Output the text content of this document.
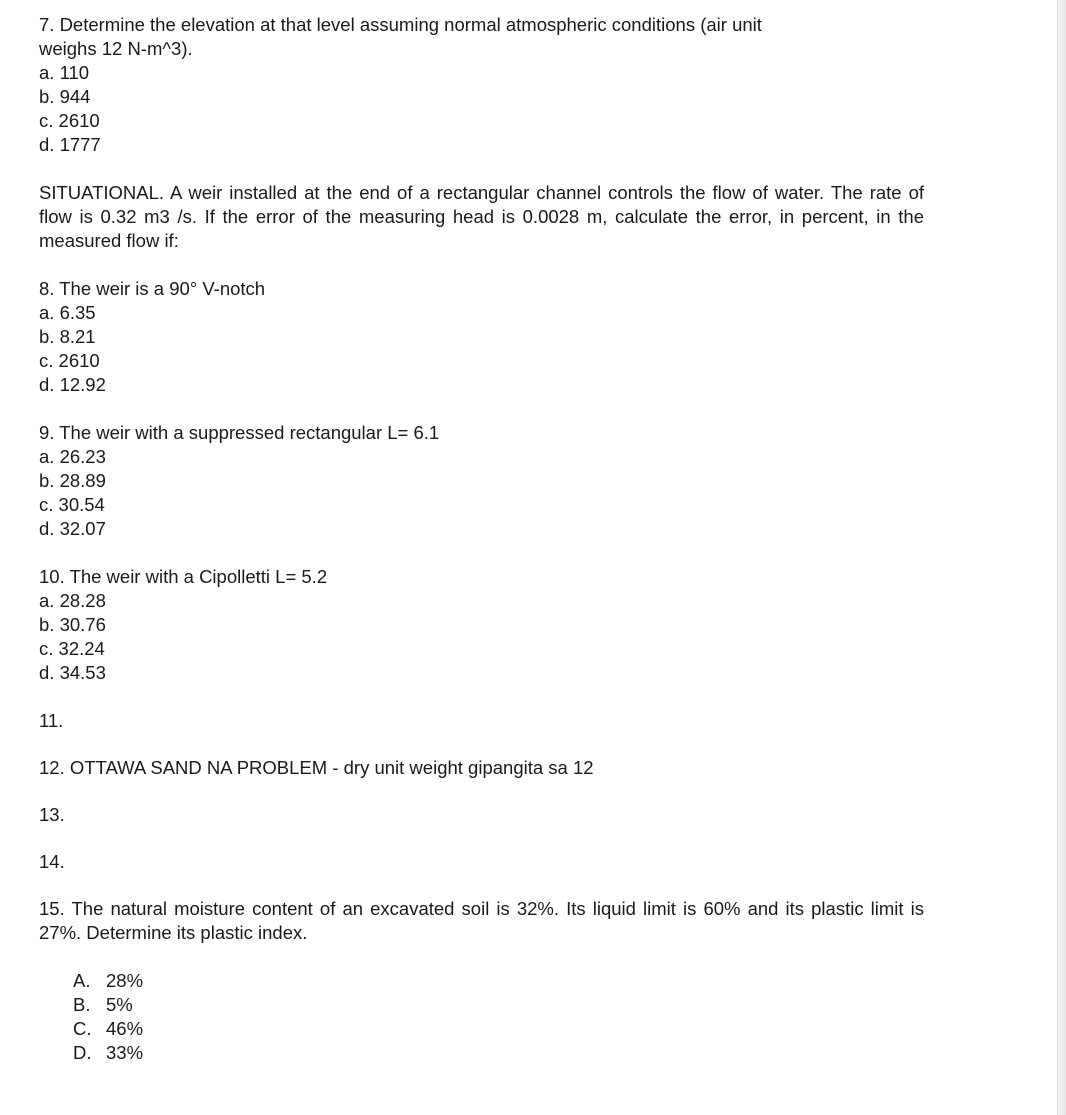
7. Determine the elevation at that level assuming normal atmospheric conditions (air unit
weighs 12 N-m^3).
a. 110
b. 944
c. 2610
d. 1777
SITUATIONAL. A weir installed at the end of a rectangular channel controls the flow of water. The rate of flow is 0.32 m3 /s. If the error of the measuring head is 0.0028 m, calculate the error, in percent, in the measured flow if:
8. The weir is a 90° V-notch
a. 6.35
b. 8.21
c. 2610
d. 12.92
9. The weir with a suppressed rectangular L= 6.1
a. 26.23
b. 28.89
c. 30.54
d. 32.07
10. The weir with a Cipolletti L= 5.2
a. 28.28
b. 30.76
c. 32.24
d. 34.53
11.
12. OTTAWA SAND NA PROBLEM - dry unit weight gipangita sa 12
13.
14.
15. The natural moisture content of an excavated soil is 32%. Its liquid limit is 60% and its plastic limit is 27%. Determine its plastic index.
A. 28%
B. 5%
C. 46%
D. 33%
